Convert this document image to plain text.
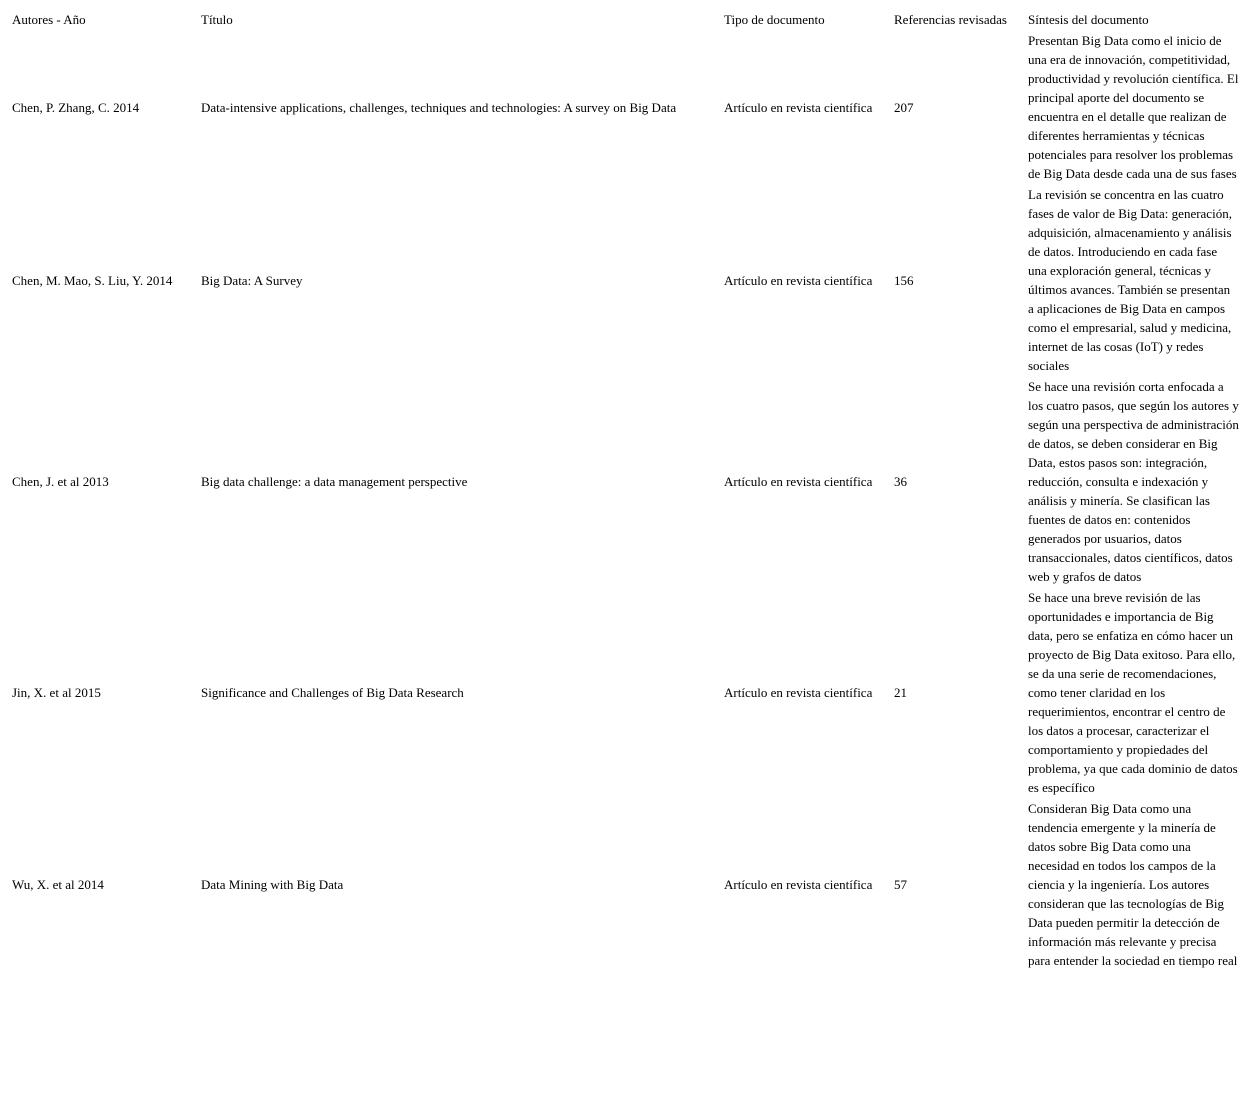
Autores - Año	Título	Tipo de documento	Referencias revisadas	Síntesis del documento
Chen, P. Zhang, C. 2014	Data-intensive applications, challenges, techniques and technologies: A survey on Big Data	Artículo en revista científica	207	Presentan Big Data como el inicio de una era de innovación, competitividad, productividad y revolución científica. El principal aporte del documento se encuentra en el detalle que realizan de diferentes herramientas y técnicas potenciales para resolver los problemas de Big Data desde cada una de sus fases
Chen, M. Mao, S. Liu, Y. 2014	Big Data: A Survey	Artículo en revista científica	156	La revisión se concentra en las cuatro fases de valor de Big Data: generación, adquisición, almacenamiento y análisis de datos. Introduciendo en cada fase una exploración general, técnicas y últimos avances. También se presentan a aplicaciones de Big Data en campos como el empresarial, salud y medicina, internet de las cosas (IoT) y redes sociales
Chen, J. et al 2013	Big data challenge: a data management perspective	Artículo en revista científica	36	Se hace una revisión corta enfocada a los cuatro pasos, que según los autores y según una perspectiva de administración de datos, se deben considerar en Big Data, estos pasos son: integración, reducción, consulta e indexación y análisis y minería. Se clasifican las fuentes de datos en: contenidos generados por usuarios, datos transaccionales, datos científicos, datos web y grafos de datos
Jin, X. et al 2015	Significance and Challenges of Big Data Research	Artículo en revista científica	21	Se hace una breve revisión de las oportunidades e importancia de Big data, pero se enfatiza en cómo hacer un proyecto de Big Data exitoso. Para ello, se da una serie de recomendaciones, como tener claridad en los requerimientos, encontrar el centro de los datos a procesar, caracterizar el comportamiento y propiedades del problema, ya que cada dominio de datos es específico
Wu, X. et al 2014	Data Mining with Big Data	Artículo en revista científica	57	Consideran Big Data como una tendencia emergente y la minería de datos sobre Big Data como una necesidad en todos los campos de la ciencia y la ingeniería. Los autores consideran que las tecnologías de Big Data pueden permitir la detección de información más relevante y precisa para entender la sociedad en tiempo real
